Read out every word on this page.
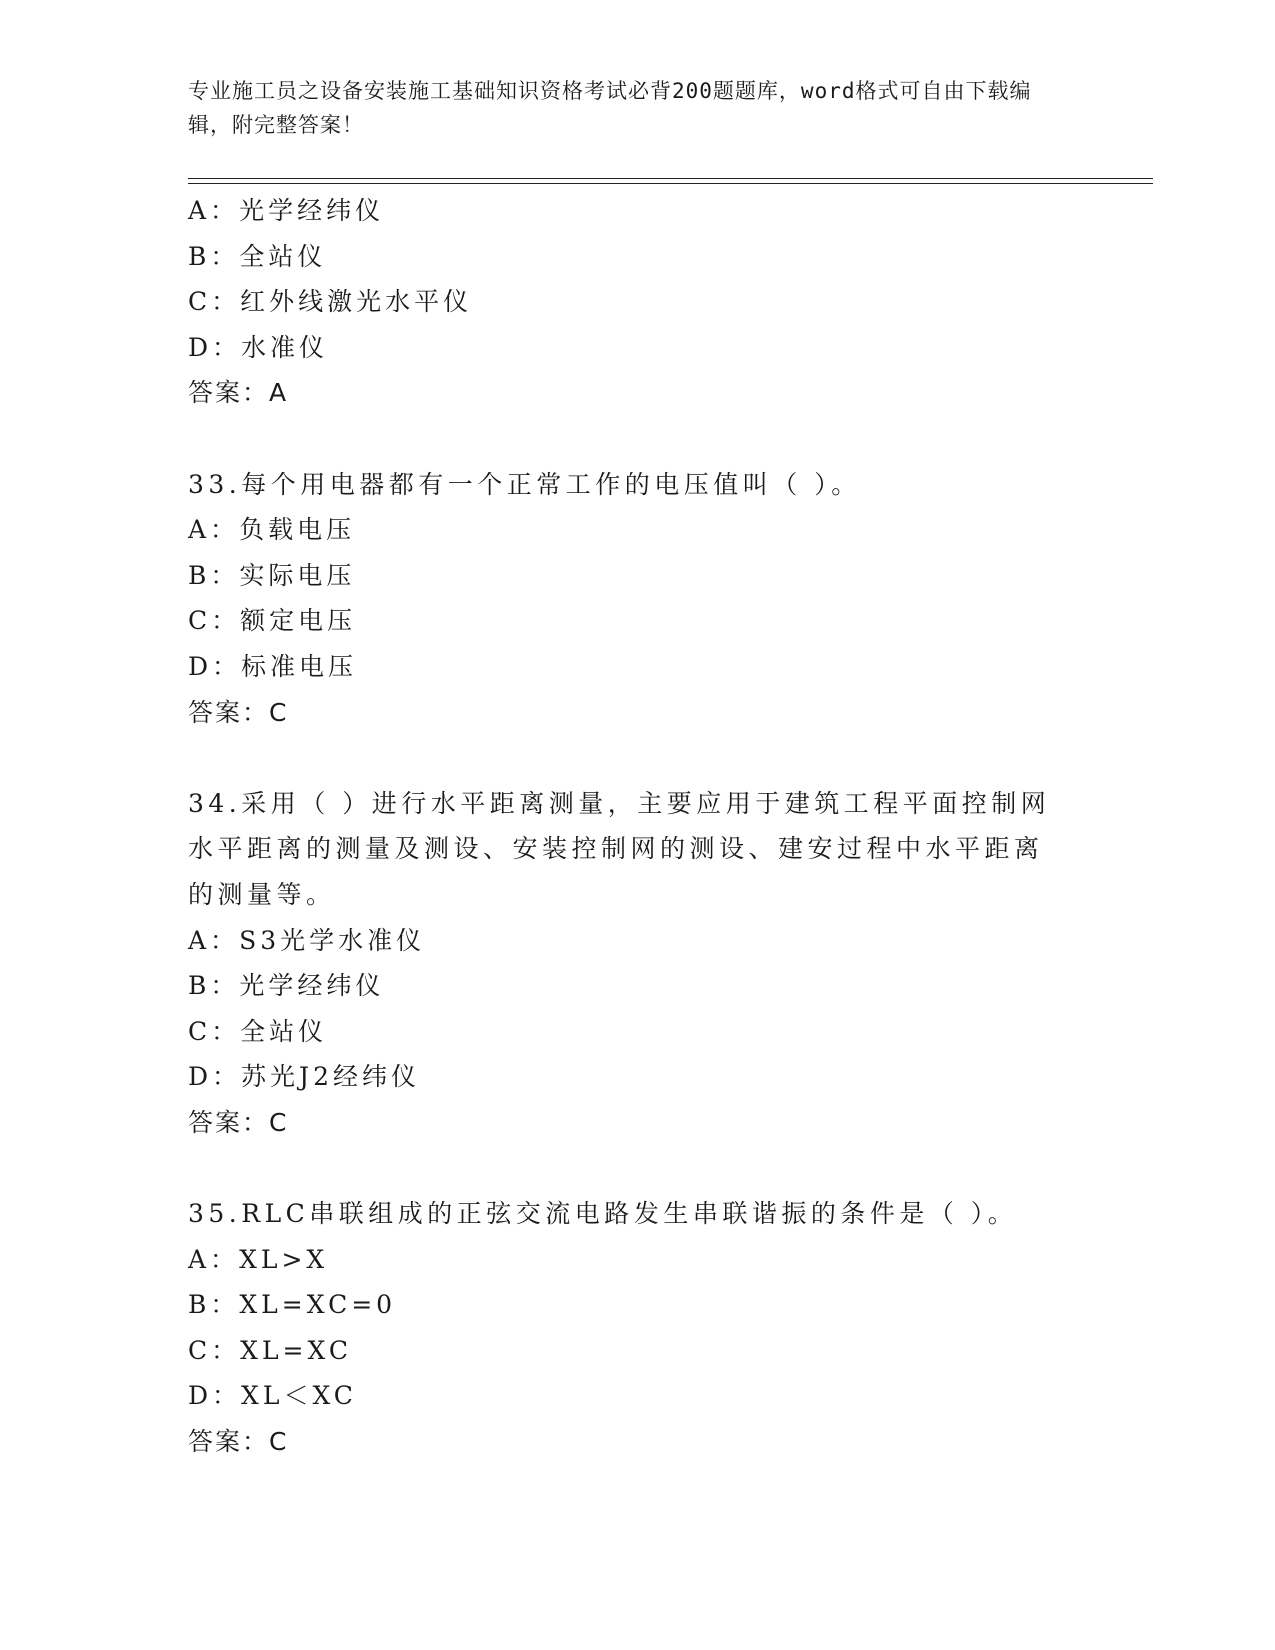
专业施工员之设备安装施工基础知识资格考试必背200题题库，word格式可自由下载编辑，附完整答案！
A：光学经纬仪
B：全站仪
C：红外线激光水平仪
D：水准仪
答案：A
33.每个用电器都有一个正常工作的电压值叫（ ）。
A：负载电压
B：实际电压
C：额定电压
D：标准电压
答案：C
34.采用（ ）进行水平距离测量，主要应用于建筑工程平面控制网水平距离的测量及测设、安装控制网的测设、建安过程中水平距离的测量等。
A：S3光学水准仪
B：光学经纬仪
C：全站仪
D：苏光J2经纬仪
答案：C
35.RLC串联组成的正弦交流电路发生串联谐振的条件是（ ）。
A：XL>X
B：XL=XC=0
C：XL=XC
D：XL＜XC
答案：C
